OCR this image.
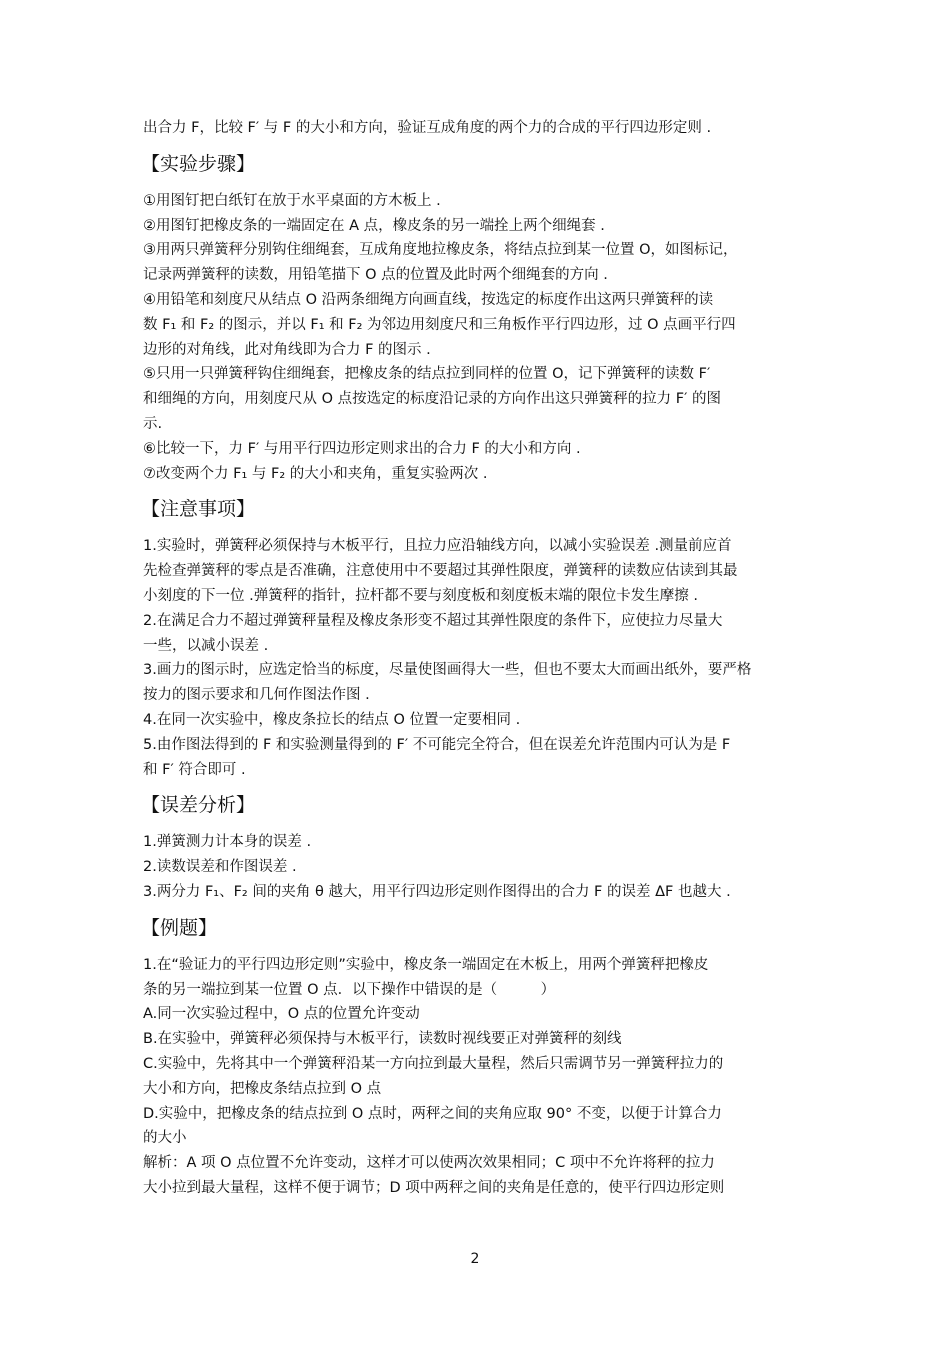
出合力 F，比较 F′ 与 F 的大小和方向，验证互成角度的两个力的合成的平行四边形定则 .
【实验步骤】
①用图钉把白纸钉在放于水平桌面的方木板上 .
②用图钉把橡皮条的一端固定在 A 点，橡皮条的另一端拴上两个细绳套 .
③用两只弹簧秤分别钩住细绳套，互成角度地拉橡皮条，将结点拉到某一位置 O，如图标记，
记录两弹簧秤的读数，用铅笔描下 O 点的位置及此时两个细绳套的方向 .
④用铅笔和刻度尺从结点 O 沿两条细绳方向画直线，按选定的标度作出这两只弹簧秤的读
数 F₁ 和 F₂ 的图示，并以 F₁ 和 F₂ 为邻边用刻度尺和三角板作平行四边形，过 O 点画平行四
边形的对角线，此对角线即为合力 F 的图示 .
⑤只用一只弹簧秤钩住细绳套，把橡皮条的结点拉到同样的位置 O，记下弹簧秤的读数 F′
和细绳的方向，用刻度尺从 O 点按选定的标度沿记录的方向作出这只弹簧秤的拉力 F′ 的图
示.
⑥比较一下，力 F′ 与用平行四边形定则求出的合力 F 的大小和方向 .
⑦改变两个力 F₁ 与 F₂ 的大小和夹角，重复实验两次 .
【注意事项】
1.实验时，弹簧秤必须保持与木板平行，且拉力应沿轴线方向，以减小实验误差 .测量前应首
先检查弹簧秤的零点是否准确，注意使用中不要超过其弹性限度，弹簧秤的读数应估读到其最
小刻度的下一位 .弹簧秤的指针，拉杆都不要与刻度板和刻度板末端的限位卡发生摩擦 .
2.在满足合力不超过弹簧秤量程及橡皮条形变不超过其弹性限度的条件下，应使拉力尽量大
一些，以减小误差 .
3.画力的图示时，应选定恰当的标度，尽量使图画得大一些，但也不要太大而画出纸外，要严格
按力的图示要求和几何作图法作图 .
4.在同一次实验中，橡皮条拉长的结点 O 位置一定要相同 .
5.由作图法得到的 F 和实验测量得到的 F′ 不可能完全符合，但在误差允许范围内可认为是 F
和 F′ 符合即可 .
【误差分析】
1.弹簧测力计本身的误差 .
2.读数误差和作图误差 .
3.两分力 F₁、F₂ 间的夹角 θ 越大，用平行四边形定则作图得出的合力 F 的误差 ΔF 也越大 .
【例题】
1.在“验证力的平行四边形定则”实验中，橡皮条一端固定在木板上，用两个弹簧秤把橡皮
条的另一端拉到某一位置 O 点．以下操作中错误的是（　　　）
A.同一次实验过程中，O 点的位置允许变动
B.在实验中，弹簧秤必须保持与木板平行，读数时视线要正对弹簧秤的刻线
C.实验中，先将其中一个弹簧秤沿某一方向拉到最大量程，然后只需调节另一弹簧秤拉力的
大小和方向，把橡皮条结点拉到 O 点
D.实验中，把橡皮条的结点拉到 O 点时，两秤之间的夹角应取 90° 不变，以便于计算合力
的大小
解析：A 项 O 点位置不允许变动，这样才可以使两次效果相同；C 项中不允许将秤的拉力
大小拉到最大量程，这样不便于调节；D 项中两秤之间的夹角是任意的，使平行四边形定则
2
